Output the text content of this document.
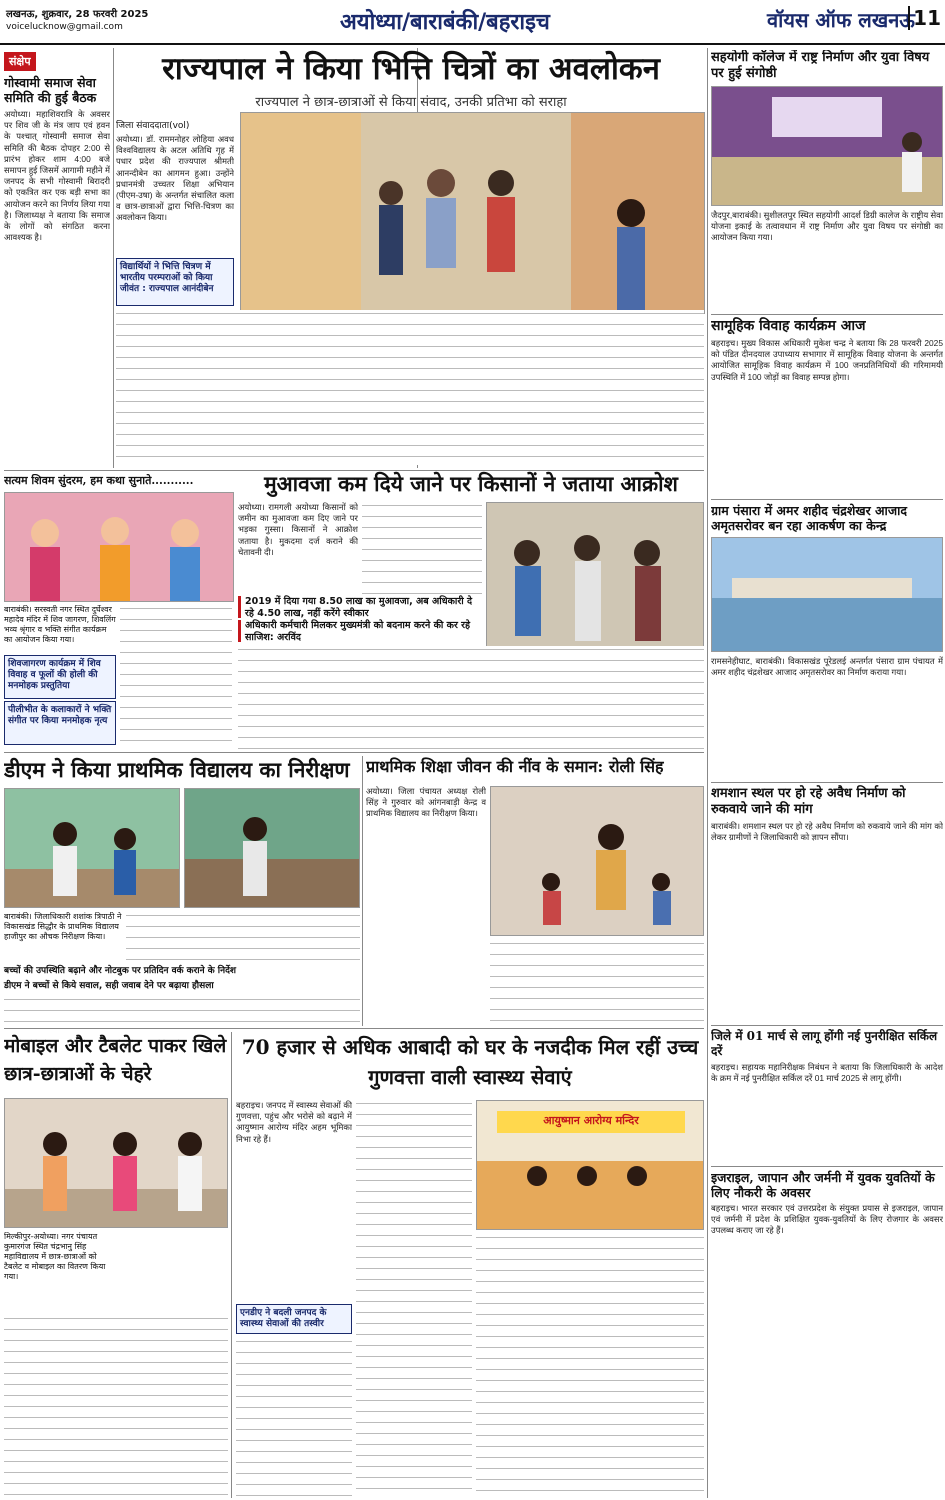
लखनऊ, शुक्रवार, 28 फरवरी 2025
voicelucknow@gmail.com	अयोध्या/बाराबंकी/बहराइच	वॉयस ऑफ लखनऊ
11
संक्षेप
गोस्वामी समाज सेवा समिति की हुई बैठक
अयोध्या। महाशिवरात्रि के अवसर पर शिव जी के मंत्र जाप एवं हवन के पश्चात् गोस्वामी समाज सेवा समिति की बैठक दोपहर 2:00 से प्रारंभ होकर शाम 4:00 बजे समापन हुई जिसमें आगामी महीने में जनपद के सभी गोस्वामी बिरादरी को एकत्रित कर एक बड़ी सभा का आयोजन करने का निर्णय लिया गया है। जिलाध्यक्ष ने बताया कि समाज के लोगों को संगठित करना आवश्यक है।
राज्यपाल ने किया भित्ति चित्रों का अवलोकन
राज्यपाल ने छात्र-छात्राओं से किया संवाद, उनकी प्रतिभा को सराहा
जिला संवाददाता(vol)
अयोध्या। डॉ. राममनोहर लोहिया अवध विश्वविद्यालय के अटल अतिथि गृह में पधार प्रदेश की राज्यपाल श्रीमती आनन्दीबेन का आगमन हुआ। उन्होंने प्रधानमंत्री उच्चतर शिक्षा अभियान (पीएम-उषा) के अन्तर्गत संचालित कला व छात्र-छात्राओं द्वारा भित्ति-चित्रण का अवलोकन किया।
विद्यार्थियों ने भित्ति चित्रण में भारतीय परम्पराओं को किया जीवंत : राज्यपाल आनंदीबेन
सहयोगी कॉलेज में राष्ट्र निर्माण और युवा विषय पर हुई संगोष्ठी
जैदपुर,बाराबंकी। सुशीलतपुर स्थित सहयोगी आदर्श डिग्री कालेज के राष्ट्रीय सेवा योजना इकाई के तत्वावधान में राष्ट्र निर्माण और युवा विषय पर संगोष्ठी का आयोजन किया गया।
सामूहिक विवाह कार्यक्रम आज
बहराइच। मुख्य विकास अधिकारी मुकेश चन्द्र ने बताया कि 28 फरवरी 2025 को पंडित दीनदयाल उपाध्याय सभागार में सामूहिक विवाह योजना के अन्तर्गत आयोजित सामूहिक विवाह कार्यक्रम में 100 जनप्रतिनिधियों की गरिमामयी उपस्थिति में 100 जोड़ों का विवाह सम्पन्न होगा।
ग्राम पंसारा में अमर शहीद चंद्रशेखर आजाद अमृतसरोवर बन रहा आकर्षण का केन्द्र
रामसनेहीघाट, बाराबंकी। विकासखंड पूरेडलई अन्तर्गत पंसारा ग्राम पंचायत में अमर शहीद चंद्रशेखर आजाद अमृतसरोवर का निर्माण कराया गया।
शमशान स्थल पर हो रहे अवैध निर्माण को रुकवाये जाने की मांग
बाराबंकी। शमशान स्थल पर हो रहे अवैध निर्माण को रुकवाये जाने की मांग को लेकर ग्रामीणों ने जिलाधिकारी को ज्ञापन सौंपा।
जिले में 01 मार्च से लागू होंगी नई पुनरीक्षित सर्किल दरें
बहराइच। सहायक महानिरीक्षक निबंधन ने बताया कि जिलाधिकारी के आदेश के क्रम में नई पुनरीक्षित सर्किल दरें 01 मार्च 2025 से लागू होंगी।
इजराइल, जापान और जर्मनी में युवक युवतियों के लिए नौकरी के अवसर
बहराइच। भारत सरकार एवं उत्तरप्रदेश के संयुक्त प्रयास से इजराइल, जापान एवं जर्मनी में प्रदेश के प्रशिक्षित युवक-युवतियों के लिए रोजगार के अवसर उपलब्ध कराए जा रहे हैं।
सत्यम शिवम सुंदरम, हम कथा सुनाते...........
बाराबंकी। सरस्वती नगर स्थित दुर्घेश्वर महादेव मंदिर में शिव जागरण, शिवलिंग भव्य श्रृंगार व भक्ति संगीत कार्यक्रम का आयोजन किया गया।
शिवजागरण कार्यक्रम में शिव विवाह व फूलों की होली की मनमोहक प्रस्तुतिया
पीलीभीत के कलाकारों ने भक्ति संगीत पर किया मनमोहक नृत्य
मुआवजा कम दिये जाने पर किसानों ने जताया आक्रोश
अयोध्या। रामगली अयोध्या किसानों को जमीन का मुआवजा कम दिए जाने पर भड़का गुस्सा। किसानों ने आक्रोश जताया है। मुकदमा दर्ज कराने की चेतावनी दी।
2019 में दिया गया 8.50 लाख का मुआवजा, अब अधिकारी दे रहे 4.50 लाख, नहीं करेंगे स्वीकार
अधिकारी कर्मचारी मिलकर मुख्यमंत्री को बदनाम करने की कर रहे साजिश: अरविंद
डीएम ने किया प्राथमिक विद्यालय का निरीक्षण
बाराबंकी। जिलाधिकारी शशांक त्रिपाठी ने विकासखंड सिद्धौर के प्राथमिक विद्यालय हाजीपुर का औचक निरीक्षण किया।
बच्चों की उपस्थिति बढ़ाने और नोटबुक पर प्रतिदिन वर्क कराने के निर्देश
डीएम ने बच्चों से किये सवाल, सही जवाब देने पर बढ़ाया हौसला
प्राथमिक शिक्षा जीवन की नींव के समान: रोली सिंह
अयोध्या। जिला पंचायत अध्यक्ष रोली सिंह ने गुरुवार को आंगनबाड़ी केन्द्र व प्राथमिक विद्यालय का निरीक्षण किया।
मोबाइल और टैबलेट पाकर खिले छात्र-छात्राओं के चेहरे
मिल्कीपुर-अयोध्या। नगर पंचायत कुमारगंज स्थित चंद्रभानु सिंह महाविद्यालय में छात्र-छात्राओं को टैबलेट व मोबाइल का वितरण किया गया।
70 हजार से अधिक आबादी को घर के नजदीक मिल रहीं उच्च गुणवत्ता वाली स्वास्थ्य सेवाएं
बहराइच। जनपद में स्वास्थ्य सेवाओं की गुणवत्ता, पहुंच और भरोसे को बढ़ाने में आयुष्मान आरोग्य मंदिर अहम भूमिका निभा रहे हैं।
एनडीए ने बदली जनपद के स्वास्थ्य सेवाओं की तस्वीर
आयुष्मान आरोग्य मन्दिर
